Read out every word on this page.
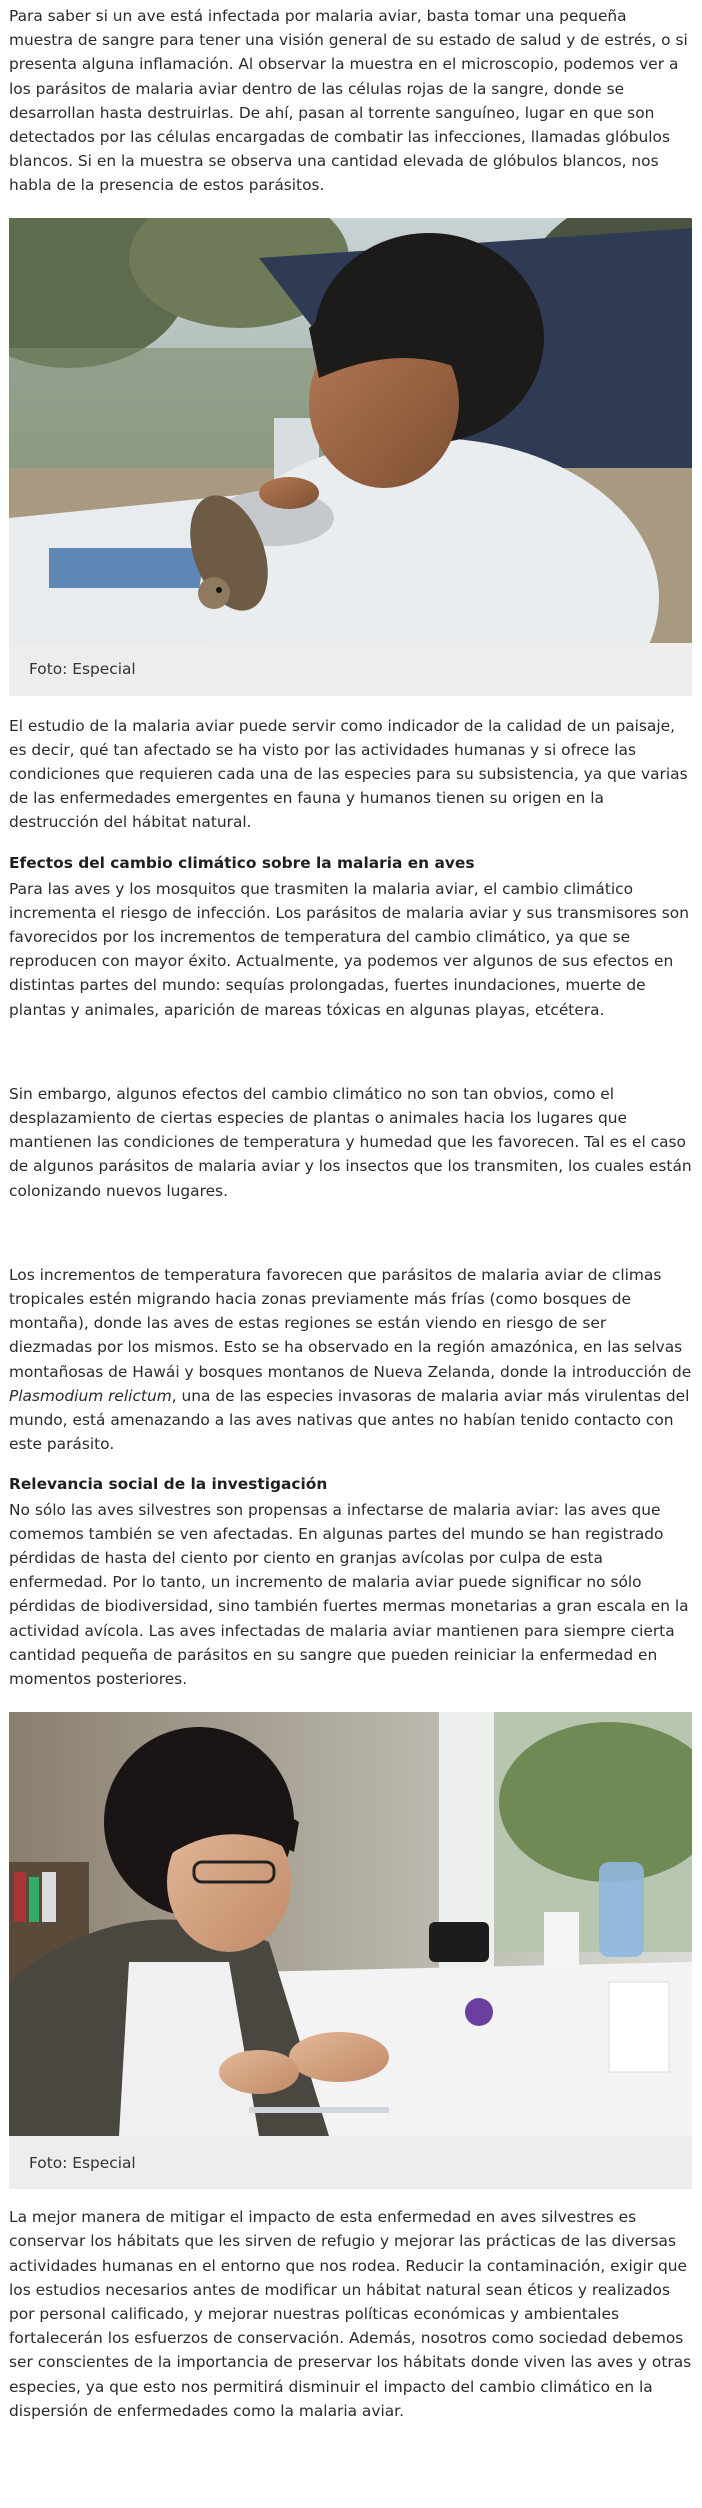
Para saber si un ave está infectada por malaria aviar, basta tomar una pequeña muestra de sangre para tener una visión general de su estado de salud y de estrés, o si presenta alguna inflamación. Al observar la muestra en el microscopio, podemos ver a los parásitos de malaria aviar dentro de las células rojas de la sangre, donde se desarrollan hasta destruirlas. De ahí, pasan al torrente sanguíneo, lugar en que son detectados por las células encargadas de combatir las infecciones, llamadas glóbulos blancos. Si en la muestra se observa una cantidad elevada de glóbulos blancos, nos habla de la presencia de estos parásitos.

Foto: Especial

El estudio de la malaria aviar puede servir como indicador de la calidad de un paisaje, es decir, qué tan afectado se ha visto por las actividades humanas y si ofrece las condiciones que requieren cada una de las especies para su subsistencia, ya que varias de las enfermedades emergentes en fauna y humanos tienen su origen en la destrucción del hábitat natural.

Efectos del cambio climático sobre la malaria en aves

Para las aves y los mosquitos que trasmiten la malaria aviar, el cambio climático incrementa el riesgo de infección. Los parásitos de malaria aviar y sus transmisores son favorecidos por los incrementos de temperatura del cambio climático, ya que se reproducen con mayor éxito. Actualmente, ya podemos ver algunos de sus efectos en distintas partes del mundo: sequías prolongadas, fuertes inundaciones, muerte de plantas y animales, aparición de mareas tóxicas en algunas playas, etcétera.

Sin embargo, algunos efectos del cambio climático no son tan obvios, como el desplazamiento de ciertas especies de plantas o animales hacia los lugares que mantienen las condiciones de temperatura y humedad que les favorecen. Tal es el caso de algunos parásitos de malaria aviar y los insectos que los transmiten, los cuales están colonizando nuevos lugares.

Los incrementos de temperatura favorecen que parásitos de malaria aviar de climas tropicales estén migrando hacia zonas previamente más frías (como bosques de montaña), donde las aves de estas regiones se están viendo en riesgo de ser diezmadas por los mismos. Esto se ha observado en la región amazónica, en las selvas montañosas de Hawái y bosques montanos de Nueva Zelanda, donde la introducción de Plasmodium relictum, una de las especies invasoras de malaria aviar más virulentas del mundo, está amenazando a las aves nativas que antes no habían tenido contacto con este parásito.

Relevancia social de la investigación

No sólo las aves silvestres son propensas a infectarse de malaria aviar: las aves que comemos también se ven afectadas. En algunas partes del mundo se han registrado pérdidas de hasta del ciento por ciento en granjas avícolas por culpa de esta enfermedad. Por lo tanto, un incremento de malaria aviar puede significar no sólo pérdidas de biodiversidad, sino también fuertes mermas monetarias a gran escala en la actividad avícola. Las aves infectadas de malaria aviar mantienen para siempre cierta cantidad pequeña de parásitos en su sangre que pueden reiniciar la enfermedad en momentos posteriores.

Foto: Especial

La mejor manera de mitigar el impacto de esta enfermedad en aves silvestres es conservar los hábitats que les sirven de refugio y mejorar las prácticas de las diversas actividades humanas en el entorno que nos rodea. Reducir la contaminación, exigir que los estudios necesarios antes de modificar un hábitat natural sean éticos y realizados por personal calificado, y mejorar nuestras políticas económicas y ambientales fortalecerán los esfuerzos de conservación. Además, nosotros como sociedad debemos ser conscientes de la importancia de preservar los hábitats donde viven las aves y otras especies, ya que esto nos permitirá disminuir el impacto del cambio climático en la dispersión de enfermedades como la malaria aviar.
